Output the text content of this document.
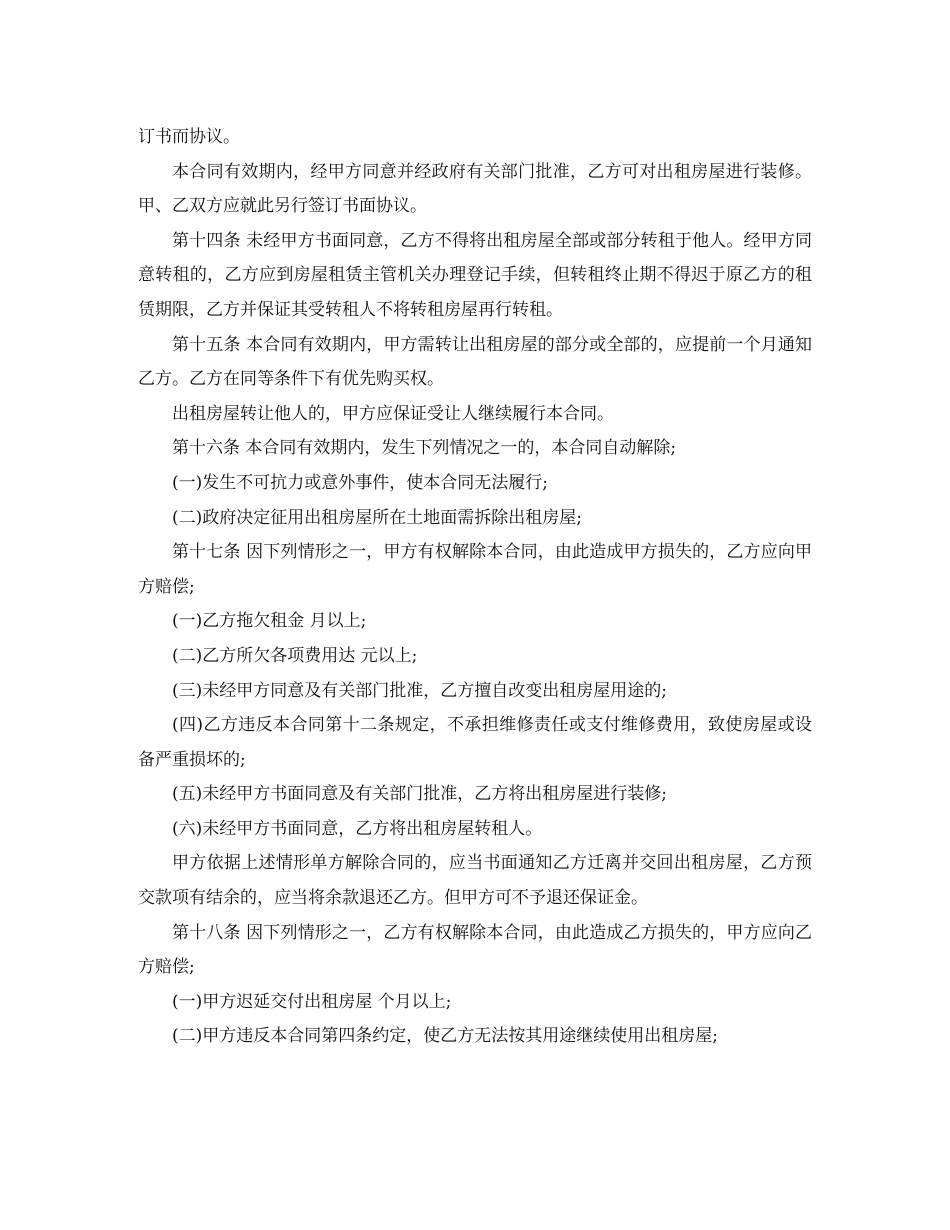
订书而协议。

本合同有效期内，经甲方同意并经政府有关部门批准，乙方可对出租房屋进行装修。甲、乙双方应就此另行签订书面协议。

第十四条 未经甲方书面同意，乙方不得将出租房屋全部或部分转租于他人。经甲方同意转租的，乙方应到房屋租赁主管机关办理登记手续，但转租终止期不得迟于原乙方的租赁期限，乙方并保证其受转租人不将转租房屋再行转租。

第十五条 本合同有效期内，甲方需转让出租房屋的部分或全部的，应提前一个月通知乙方。乙方在同等条件下有优先购买权。

出租房屋转让他人的，甲方应保证受让人继续履行本合同。

第十六条 本合同有效期内，发生下列情况之一的，本合同自动解除;

(一)发生不可抗力或意外事件，使本合同无法履行;

(二)政府决定征用出租房屋所在土地面需拆除出租房屋;

第十七条 因下列情形之一，甲方有权解除本合同，由此造成甲方损失的，乙方应向甲方赔偿;

(一)乙方拖欠租金 月以上;

(二)乙方所欠各项费用达 元以上;

(三)未经甲方同意及有关部门批准，乙方擅自改变出租房屋用途的;

(四)乙方违反本合同第十二条规定，不承担维修责任或支付维修费用，致使房屋或设备严重损坏的;

(五)未经甲方书面同意及有关部门批准，乙方将出租房屋进行装修;

(六)未经甲方书面同意，乙方将出租房屋转租人。

甲方依据上述情形单方解除合同的，应当书面通知乙方迁离并交回出租房屋，乙方预交款项有结余的，应当将余款退还乙方。但甲方可不予退还保证金。

第十八条 因下列情形之一，乙方有权解除本合同，由此造成乙方损失的，甲方应向乙方赔偿;

(一)甲方迟延交付出租房屋 个月以上;

(二)甲方违反本合同第四条约定，使乙方无法按其用途继续使用出租房屋;
